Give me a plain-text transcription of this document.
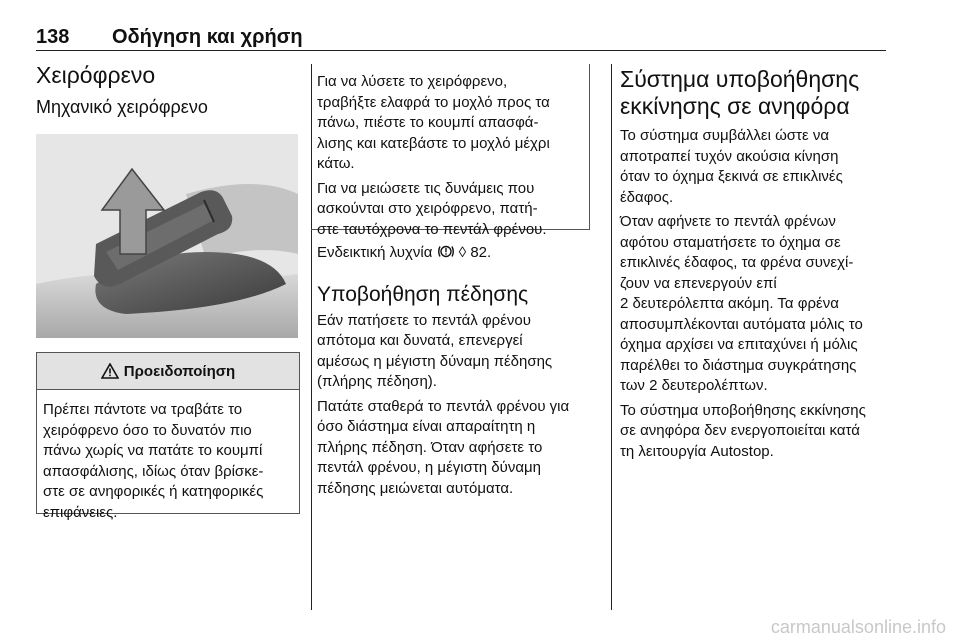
138 Οδήγηση και χρήση
Χειρόφρενο
Μηχανικό χειρόφρενο
Προειδοποίηση
Πρέπει πάντοτε να τραβάτε το
χειρόφρενο όσο το δυνατόν πιο
πάνω χωρίς να πατάτε το κουμπί
απασφάλισης, ιδίως όταν βρίσκε-
στε σε ανηφορικές ή κατηφορικές
επιφάνειες.

Για να λύσετε το χειρόφρενο,
τραβήξτε ελαφρά το μοχλό προς τα
πάνω, πιέστε το κουμπί απασφά-
λισης και κατεβάστε το μοχλό μέχρι
κάτω.

Για να μειώσετε τις δυνάμεις που
ασκούνται στο χειρόφρενο, πατή-
στε ταυτόχρονα το πεντάλ φρένου.

Ενδεικτική λυχνία ◊ 82.

Υποβοήθηση πέδησης

Εάν πατήσετε το πεντάλ φρένου
απότομα και δυνατά, επενεργεί
αμέσως η μέγιστη δύναμη πέδησης
(πλήρης πέδηση).

Πατάτε σταθερά το πεντάλ φρένου για
όσο διάστημα είναι απαραίτητη η
πλήρης πέδηση. Όταν αφήσετε το
πεντάλ φρένου, η μέγιστη δύναμη
πέδησης μειώνεται αυτόματα.

Σύστημα υποβοήθησης
εκκίνησης σε ανηφόρα

Το σύστημα συμβάλλει ώστε να
αποτραπεί τυχόν ακούσια κίνηση
όταν το όχημα ξεκινά σε επικλινές
έδαφος.

Όταν αφήνετε το πεντάλ φρένων
αφότου σταματήσετε το όχημα σε
επικλινές έδαφος, τα φρένα συνεχί-
ζουν να επενεργούν επί
2 δευτερόλεπτα ακόμη. Τα φρένα
αποσυμπλέκονται αυτόματα μόλις το
όχημα αρχίσει να επιταχύνει ή μόλις
παρέλθει το διάστημα συγκράτησης
των 2 δευτερολέπτων.

Το σύστημα υποβοήθησης εκκίνησης
σε ανηφόρα δεν ενεργοποιείται κατά
τη λειτουργία Autostop.

carmanualsonline.info
